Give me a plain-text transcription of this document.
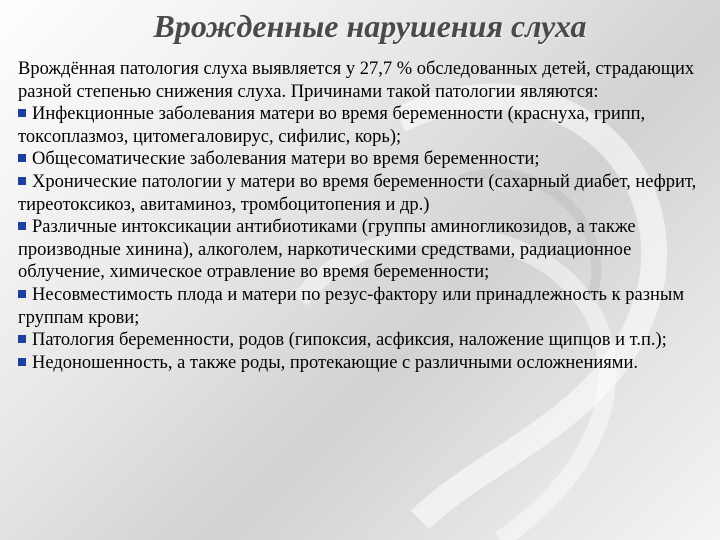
Врожденные нарушения слуха

Врождённая патология слуха выявляется у 27,7 % обследованных детей, страдающих разной степенью снижения слуха. Причинами такой патологии являются:

Инфекционные заболевания матери во время беременности (краснуха, грипп, токсоплазмоз, цитомегаловирус, сифилис, корь);

Общесоматические заболевания матери во время беременности;

Хронические патологии у матери во время беременности (сахарный диабет, нефрит, тиреотоксикоз, авитаминоз, тромбоцитопения и др.)

Различные интоксикации антибиотиками (группы аминогликозидов, а также производные хинина), алкоголем, наркотическими средствами, радиационное облучение, химическое отравление во время беременности;

Несовместимость плода и матери по резус-фактору или принадлежность к разным группам крови;

Патология беременности, родов (гипоксия, асфиксия, наложение щипцов и т.п.);

Недоношенность, а также роды, протекающие с различными осложнениями.
